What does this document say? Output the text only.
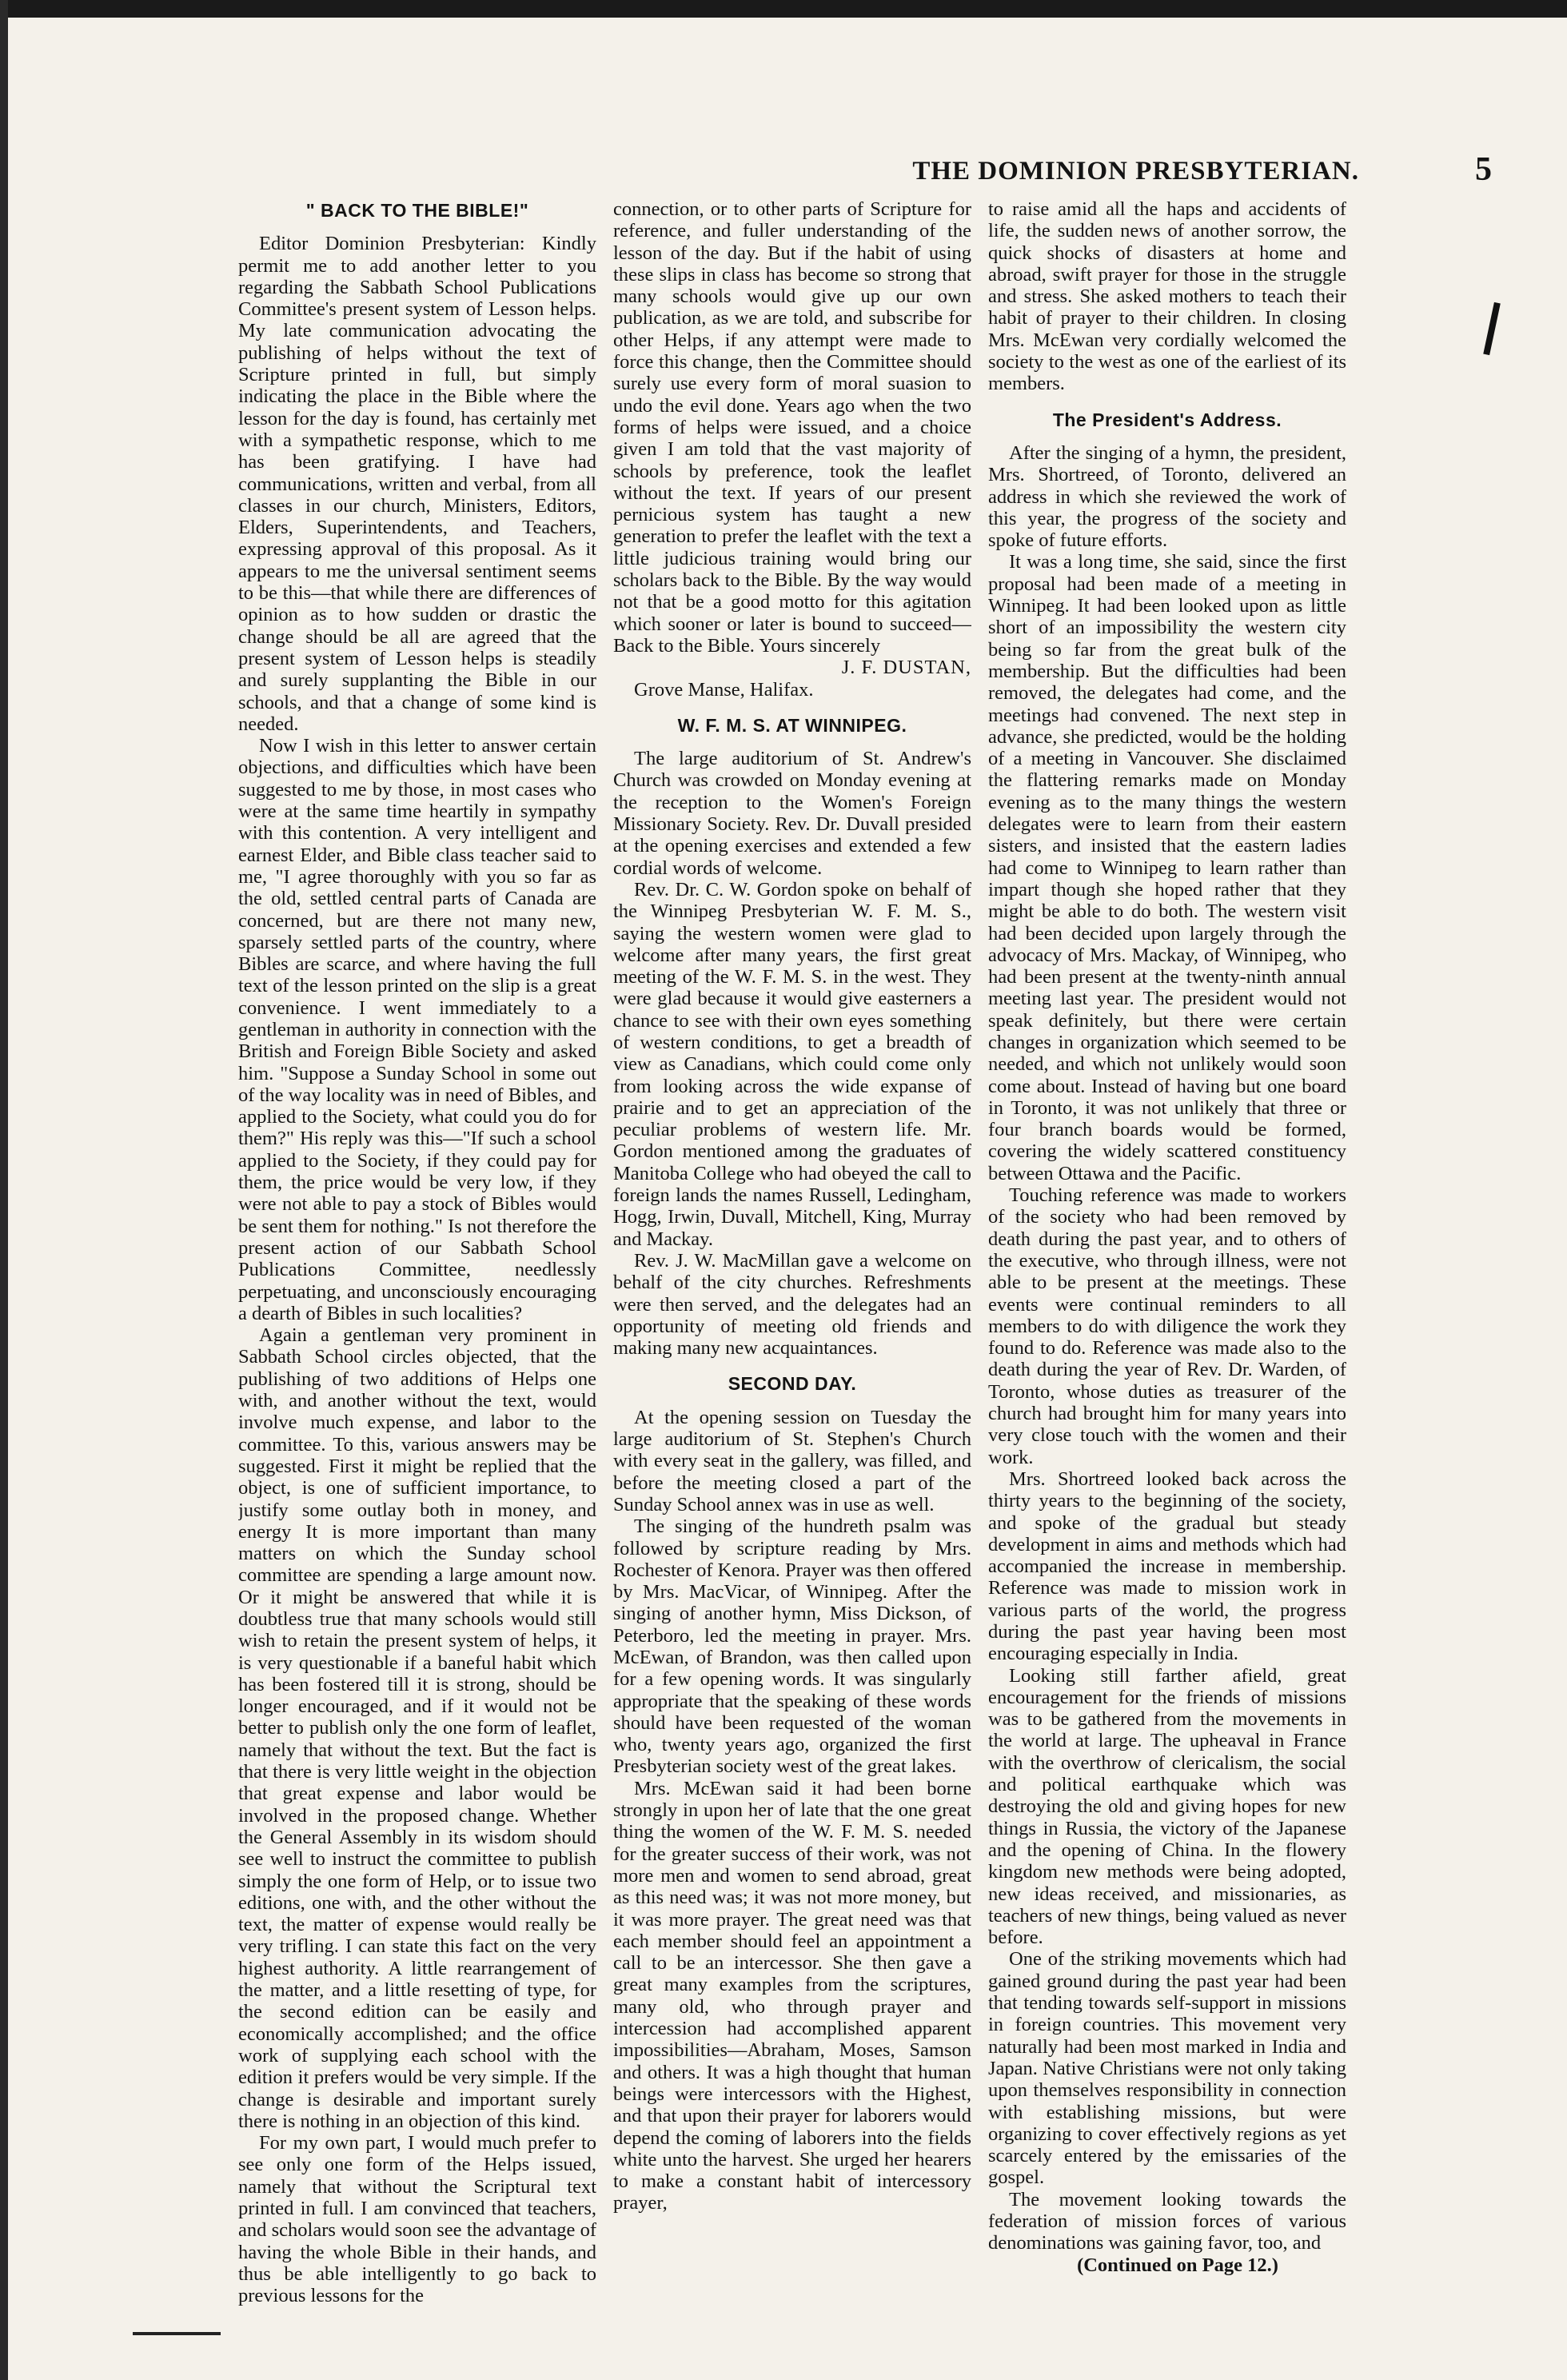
THE DOMINION PRESBYTERIAN.	5
" BACK TO THE BIBLE!"

Editor Dominion Presbyterian: Kindly permit me to add another letter to you regarding the Sabbath School Publications Committee's present system of Lesson helps. My late communication advocating the publishing of helps without the text of Scripture printed in full, but simply indicating the place in the Bible where the lesson for the day is found, has certainly met with a sympathetic response, which to me has been gratifying. I have had communications, written and verbal, from all classes in our church, Ministers, Editors, Elders, Superintendents, and Teachers, expressing approval of this proposal. As it appears to me the universal sentiment seems to be this—that while there are differences of opinion as to how sudden or drastic the change should be all are agreed that the present system of Lesson helps is steadily and surely supplanting the Bible in our schools, and that a change of some kind is needed.

Now I wish in this letter to answer certain objections, and difficulties which have been suggested to me by those, in most cases who were at the same time heartily in sympathy with this contention. A very intelligent and earnest Elder, and Bible class teacher said to me, "I agree thoroughly with you so far as the old, settled central parts of Canada are concerned, but are there not many new, sparsely settled parts of the country, where Bibles are scarce, and where having the full text of the lesson printed on the slip is a great convenience. I went immediately to a gentleman in authority in connection with the British and Foreign Bible Society and asked him. "Suppose a Sunday School in some out of the way locality was in need of Bibles, and applied to the Society, what could you do for them?" His reply was this—"If such a school applied to the Society, if they could pay for them, the price would be very low, if they were not able to pay a stock of Bibles would be sent them for nothing." Is not therefore the present action of our Sabbath School Publications Committee, needlessly perpetuating, and unconsciously encouraging a dearth of Bibles in such localities?

Again a gentleman very prominent in Sabbath School circles objected, that the publishing of two additions of Helps one with, and another without the text, would involve much expense, and labor to the committee. To this, various answers may be suggested. First it might be replied that the object, is one of sufficient importance, to justify some outlay both in money, and energy It is more important than many matters on which the Sunday school committee are spending a large amount now. Or it might be answered that while it is doubtless true that many schools would still wish to retain the present system of helps, it is very questionable if a baneful habit which has been fostered till it is strong, should be longer encouraged, and if it would not be better to publish only the one form of leaflet, namely that without the text. But the fact is that there is very little weight in the objection that great expense and labor would be involved in the proposed change. Whether the General Assembly in its wisdom should see well to instruct the committee to publish simply the one form of Help, or to issue two editions, one with, and the other without the text, the matter of expense would really be very trifling. I can state this fact on the very highest authority. A little rearrangement of the matter, and a little resetting of type, for the second edition can be easily and economically accomplished; and the office work of supplying each school with the edition it prefers would be very simple. If the change is desirable and important surely there is nothing in an objection of this kind.

For my own part, I would much prefer to see only one form of the Helps issued, namely that without the Scriptural text printed in full. I am convinced that teachers, and scholars would soon see the advantage of having the whole Bible in their hands, and thus be able intelligently to go back to previous lessons for the

connection, or to other parts of Scripture for reference, and fuller understanding of the lesson of the day. But if the habit of using these slips in class has become so strong that many schools would give up our own publication, as we are told, and subscribe for other Helps, if any attempt were made to force this change, then the Committee should surely use every form of moral suasion to undo the evil done. Years ago when the two forms of helps were issued, and a choice given I am told that the vast majority of schools by preference, took the leaflet without the text. If years of our present pernicious system has taught a new generation to prefer the leaflet with the text a little judicious training would bring our scholars back to the Bible. By the way would not that be a good motto for this agitation which sooner or later is bound to succeed—Back to the Bible. Yours sincerely

J. F. DUSTAN,

Grove Manse, Halifax.

W. F. M. S. AT WINNIPEG.

The large auditorium of St. Andrew's Church was crowded on Monday evening at the reception to the Women's Foreign Missionary Society. Rev. Dr. Duvall presided at the opening exercises and extended a few cordial words of welcome.

Rev. Dr. C. W. Gordon spoke on behalf of the Winnipeg Presbyterian W. F. M. S., saying the western women were glad to welcome after many years, the first great meeting of the W. F. M. S. in the west. They were glad because it would give easterners a chance to see with their own eyes something of western conditions, to get a breadth of view as Canadians, which could come only from looking across the wide expanse of prairie and to get an appreciation of the peculiar problems of western life. Mr. Gordon mentioned among the graduates of Manitoba College who had obeyed the call to foreign lands the names Russell, Ledingham, Hogg, Irwin, Duvall, Mitchell, King, Murray and Mackay.

Rev. J. W. MacMillan gave a welcome on behalf of the city churches. Refreshments were then served, and the delegates had an opportunity of meeting old friends and making many new acquaintances.

SECOND DAY.

At the opening session on Tuesday the large auditorium of St. Stephen's Church with every seat in the gallery, was filled, and before the meeting closed a part of the Sunday School annex was in use as well.

The singing of the hundreth psalm was followed by scripture reading by Mrs. Rochester of Kenora. Prayer was then offered by Mrs. MacVicar, of Winnipeg. After the singing of another hymn, Miss Dickson, of Peterboro, led the meeting in prayer. Mrs. McEwan, of Brandon, was then called upon for a few opening words. It was singularly appropriate that the speaking of these words should have been requested of the woman who, twenty years ago, organized the first Presbyterian society west of the great lakes.

Mrs. McEwan said it had been borne strongly in upon her of late that the one great thing the women of the W. F. M. S. needed for the greater success of their work, was not more men and women to send abroad, great as this need was; it was not more money, but it was more prayer. The great need was that each member should feel an appointment a call to be an intercessor. She then gave a great many examples from the scriptures, many old, who through prayer and intercession had accomplished apparent impossibilities—Abraham, Moses, Samson and others. It was a high thought that human beings were intercessors with the Highest, and that upon their prayer for laborers would depend the coming of laborers into the fields white unto the harvest. She urged her hearers to make a constant habit of intercessory prayer,

to raise amid all the haps and accidents of life, the sudden news of another sorrow, the quick shocks of disasters at home and abroad, swift prayer for those in the struggle and stress. She asked mothers to teach their habit of prayer to their children. In closing Mrs. McEwan very cordially welcomed the society to the west as one of the earliest of its members.

The President's Address.

After the singing of a hymn, the president, Mrs. Shortreed, of Toronto, delivered an address in which she reviewed the work of this year, the progress of the society and spoke of future efforts.

It was a long time, she said, since the first proposal had been made of a meeting in Winnipeg. It had been looked upon as little short of an impossibility the western city being so far from the great bulk of the membership. But the difficulties had been removed, the delegates had come, and the meetings had convened. The next step in advance, she predicted, would be the holding of a meeting in Vancouver. She disclaimed the flattering remarks made on Monday evening as to the many things the western delegates were to learn from their eastern sisters, and insisted that the eastern ladies had come to Winnipeg to learn rather than impart though she hoped rather that they might be able to do both. The western visit had been decided upon largely through the advocacy of Mrs. Mackay, of Winnipeg, who had been present at the twenty-ninth annual meeting last year. The president would not speak definitely, but there were certain changes in organization which seemed to be needed, and which not unlikely would soon come about. Instead of having but one board in Toronto, it was not unlikely that three or four branch boards would be formed, covering the widely scattered constituency between Ottawa and the Pacific.

Touching reference was made to workers of the society who had been removed by death during the past year, and to others of the executive, who through illness, were not able to be present at the meetings. These events were continual reminders to all members to do with diligence the work they found to do. Reference was made also to the death during the year of Rev. Dr. Warden, of Toronto, whose duties as treasurer of the church had brought him for many years into very close touch with the women and their work.

Mrs. Shortreed looked back across the thirty years to the beginning of the society, and spoke of the gradual but steady development in aims and methods which had accompanied the increase in membership. Reference was made to mission work in various parts of the world, the progress during the past year having been most encouraging especially in India.

Looking still farther afield, great encouragement for the friends of missions was to be gathered from the movements in the world at large. The upheaval in France with the overthrow of clericalism, the social and political earthquake which was destroying the old and giving hopes for new things in Russia, the victory of the Japanese and the opening of China. In the flowery kingdom new methods were being adopted, new ideas received, and missionaries, as teachers of new things, being valued as never before.

One of the striking movements which had gained ground during the past year had been that tending towards self-support in missions in foreign countries. This movement very naturally had been most marked in India and Japan. Native Christians were not only taking upon themselves responsibility in connection with establishing missions, but were organizing to cover effectively regions as yet scarcely entered by the emissaries of the gospel.

The movement looking towards the federation of mission forces of various denominations was gaining favor, too, and

(Continued on Page 12.)
